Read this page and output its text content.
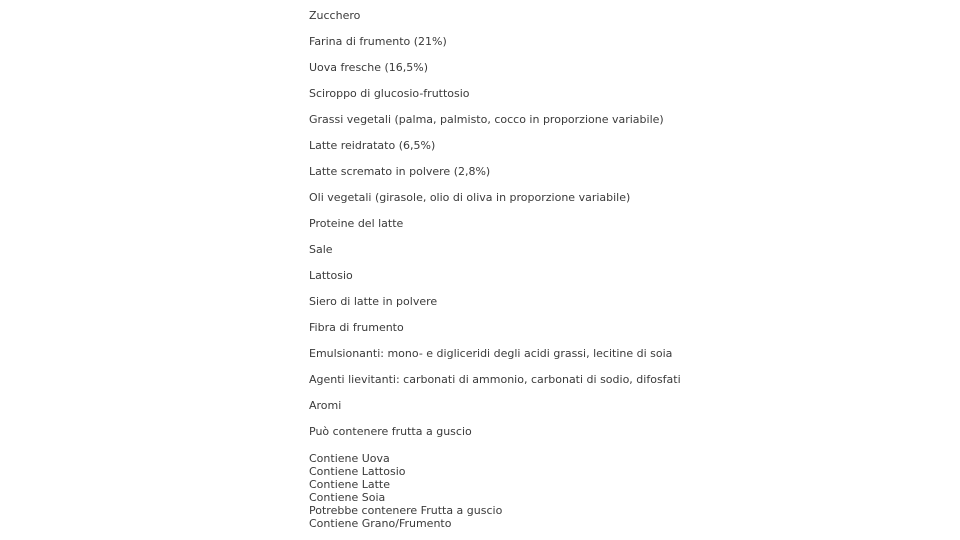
Zucchero
Farina di frumento (21%)
Uova fresche (16,5%)
Sciroppo di glucosio-fruttosio
Grassi vegetali (palma, palmisto, cocco in proporzione variabile)
Latte reidratato (6,5%)
Latte scremato in polvere (2,8%)
Oli vegetali (girasole, olio di oliva in proporzione variabile)
Proteine del latte
Sale
Lattosio
Siero di latte in polvere
Fibra di frumento
Emulsionanti: mono- e digliceridi degli acidi grassi, lecitine di soia
Agenti lievitanti: carbonati di ammonio, carbonati di sodio, difosfati
Aromi
Può contenere frutta a guscio
Contiene Uova
Contiene Lattosio
Contiene Latte
Contiene Soia
Potrebbe contenere Frutta a guscio
Contiene Grano/Frumento
